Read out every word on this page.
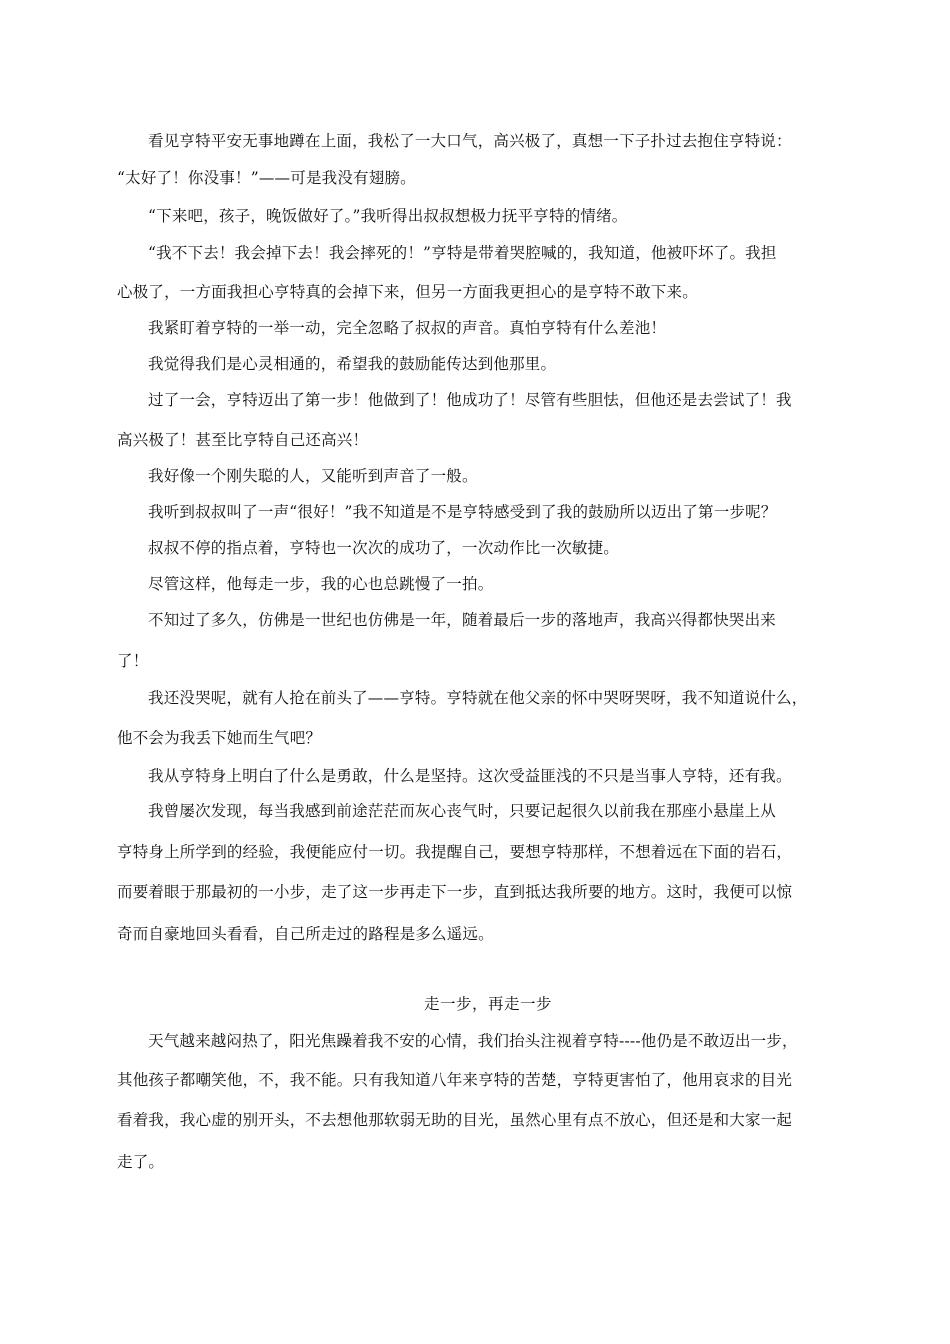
看见亨特平安无事地蹲在上面，我松了一大口气，高兴极了，真想一下子扑过去抱住亨特说：
“太好了！你没事！”——可是我没有翅膀。
“下来吧，孩子，晚饭做好了。”我听得出叔叔想极力抚平亨特的情绪。
“我不下去！我会掉下去！我会摔死的！”亨特是带着哭腔喊的，我知道，他被吓坏了。我担
心极了，一方面我担心亨特真的会掉下来，但另一方面我更担心的是亨特不敢下来。
我紧盯着亨特的一举一动，完全忽略了叔叔的声音。真怕亨特有什么差池！
我觉得我们是心灵相通的，希望我的鼓励能传达到他那里。
过了一会，亨特迈出了第一步！他做到了！他成功了！尽管有些胆怯，但他还是去尝试了！我
高兴极了！甚至比亨特自己还高兴！
我好像一个刚失聪的人，又能听到声音了一般。
我听到叔叔叫了一声“很好！”我不知道是不是亨特感受到了我的鼓励所以迈出了第一步呢？
叔叔不停的指点着，亨特也一次次的成功了，一次动作比一次敏捷。
尽管这样，他每走一步，我的心也总跳慢了一拍。
不知过了多久，仿佛是一世纪也仿佛是一年，随着最后一步的落地声，我高兴得都快哭出来
了！
我还没哭呢，就有人抢在前头了——亨特。亨特就在他父亲的怀中哭呀哭呀，我不知道说什么，
他不会为我丢下她而生气吧？
我从亨特身上明白了什么是勇敢，什么是坚持。这次受益匪浅的不只是当事人亨特，还有我。
我曾屡次发现，每当我感到前途茫茫而灰心丧气时，只要记起很久以前我在那座小悬崖上从
亨特身上所学到的经验，我便能应付一切。我提醒自己，要想亨特那样，不想着远在下面的岩石，
而要着眼于那最初的一小步，走了这一步再走下一步，直到抵达我所要的地方。这时，我便可以惊
奇而自豪地回头看看，自己所走过的路程是多么遥远。
走一步，再走一步
天气越来越闷热了，阳光焦躁着我不安的心情，我们抬头注视着亨特----他仍是不敢迈出一步，
其他孩子都嘲笑他，不，我不能。只有我知道八年来亨特的苦楚，亨特更害怕了，他用哀求的目光
看着我，我心虚的别开头，不去想他那软弱无助的目光，虽然心里有点不放心，但还是和大家一起
走了。
